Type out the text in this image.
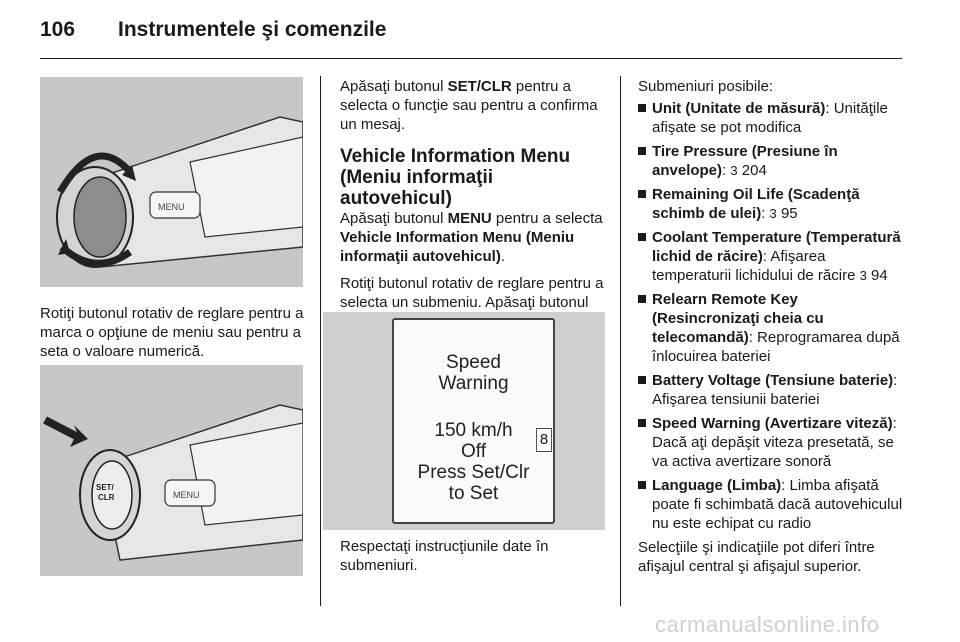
106 Instrumentele şi comenzile
MENU

Rotiţi butonul rotativ de reglare pentru a marca o opţiune de meniu sau pentru a seta o valoare numerică.

SET/
CLR	MENU

Apăsaţi butonul SET/CLR pentru a selecta o funcţie sau pentru a confirma un mesaj.

Vehicle Information Menu (Meniu informaţii autovehicul)

Apăsaţi butonul MENU pentru a selecta Vehicle Information Menu (Meniu informaţii autovehicul).

Rotiţi butonul rotativ de reglare pentru a selecta un submeniu. Apăsaţi butonul

Speed
Warning
150 km/h
Off
Press Set/Clr
to Set
8

Respectaţi instrucţiunile date în submeniuri.

Submeniuri posibile:

Unit (Unitate de măsură): Unităţile afişate se pot modifica
Tire Pressure (Presiune în anvelope): 3 204
Remaining Oil Life (Scadenţă schimb de ulei): 3 95
Coolant Temperature (Temperatură lichid de răcire): Afişarea temperaturii lichidului de răcire 3 94
Relearn Remote Key (Resincronizaţi cheia cu telecomandă): Reprogramarea după înlocuirea bateriei
Battery Voltage (Tensiune baterie): Afişarea tensiunii bateriei
Speed Warning (Avertizare viteză): Dacă aţi depăşit viteza presetată, se va activa avertizare sonoră
Language (Limba): Limba afişată poate fi schimbată dacă autovehiculul nu este echipat cu radio

Selecţiile şi indicaţiile pot diferi între afişajul central şi afişajul superior.

carmanualsonline.info
